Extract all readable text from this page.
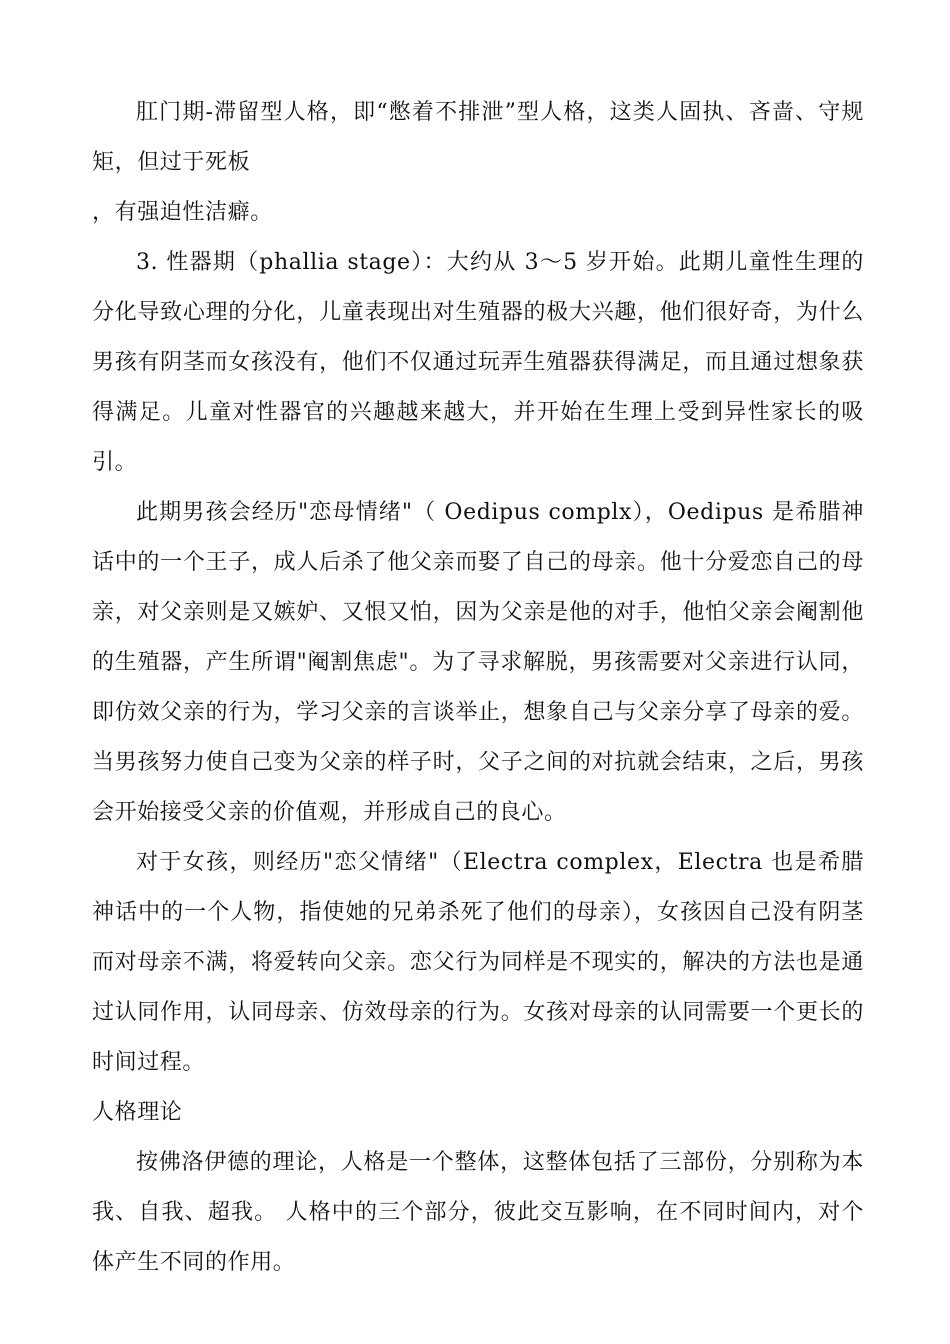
肛门期-滞留型人格，即“憋着不排泄”型人格，这类人固执、吝啬、守规矩，但过于死板

，有强迫性洁癖。

3. 性器期（phallia stage）：大约从 3～5 岁开始。此期儿童性生理的分化导致心理的分化，儿童表现出对生殖器的极大兴趣，他们很好奇，为什么男孩有阴茎而女孩没有，他们不仅通过玩弄生殖器获得满足，而且通过想象获得满足。儿童对性器官的兴趣越来越大，并开始在生理上受到异性家长的吸引。

此期男孩会经历"恋母情绪"（ Oedipus complx），Oedipus 是希腊神话中的一个王子，成人后杀了他父亲而娶了自己的母亲。他十分爱恋自己的母亲，对父亲则是又嫉妒、又恨又怕，因为父亲是他的对手，他怕父亲会阉割他的生殖器，产生所谓"阉割焦虑"。为了寻求解脱，男孩需要对父亲进行认同，即仿效父亲的行为，学习父亲的言谈举止，想象自己与父亲分享了母亲的爱。当男孩努力使自己变为父亲的样子时，父子之间的对抗就会结束，之后，男孩会开始接受父亲的价值观，并形成自己的良心。

对于女孩，则经历"恋父情绪"（Electra complex，Electra 也是希腊神话中的一个人物，指使她的兄弟杀死了他们的母亲），女孩因自己没有阴茎而对母亲不满，将爱转向父亲。恋父行为同样是不现实的，解决的方法也是通过认同作用，认同母亲、仿效母亲的行为。女孩对母亲的认同需要一个更长的时间过程。

人格理论

按佛洛伊德的理论，人格是一个整体，这整体包括了三部份，分别称为本我、自我、超我。 人格中的三个部分，彼此交互影响，在不同时间内，对个体产生不同的作用。
